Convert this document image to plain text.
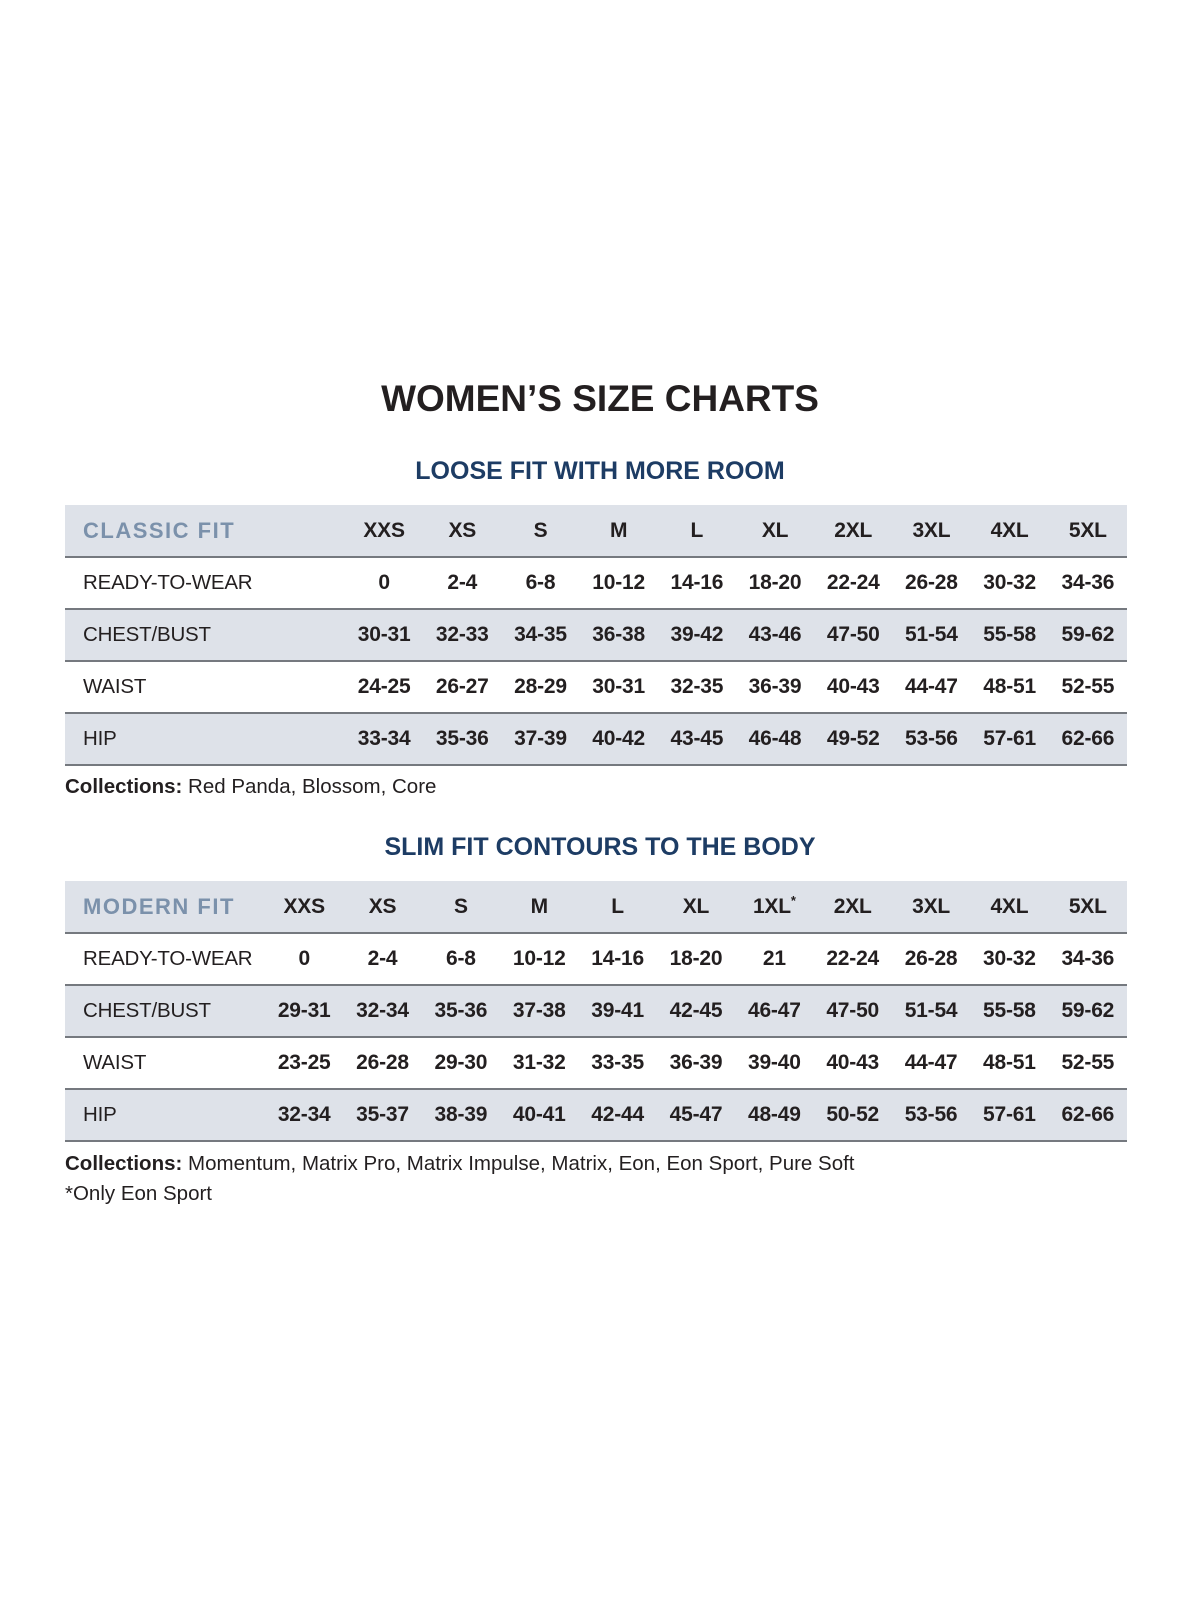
WOMEN’S SIZE CHARTS
LOOSE FIT WITH MORE ROOM
CLASSIC FIT	XXS	XS	S	M	L	XL	2XL	3XL	4XL	5XL
READY-TO-WEAR	0	2-4	6-8	10-12	14-16	18-20	22-24	26-28	30-32	34-36
CHEST/BUST	30-31	32-33	34-35	36-38	39-42	43-46	47-50	51-54	55-58	59-62
WAIST	24-25	26-27	28-29	30-31	32-35	36-39	40-43	44-47	48-51	52-55
HIP	33-34	35-36	37-39	40-42	43-45	46-48	49-52	53-56	57-61	62-66

Collections: Red Panda, Blossom, Core

SLIM FIT CONTOURS TO THE BODY
MODERN FIT	XXS	XS	S	M	L	XL	1XL*	2XL	3XL	4XL	5XL
READY-TO-WEAR	0	2-4	6-8	10-12	14-16	18-20	21	22-24	26-28	30-32	34-36
CHEST/BUST	29-31	32-34	35-36	37-38	39-41	42-45	46-47	47-50	51-54	55-58	59-62
WAIST	23-25	26-28	29-30	31-32	33-35	36-39	39-40	40-43	44-47	48-51	52-55
HIP	32-34	35-37	38-39	40-41	42-44	45-47	48-49	50-52	53-56	57-61	62-66

Collections: Momentum, Matrix Pro, Matrix Impulse, Matrix, Eon, Eon Sport, Pure Soft

*Only Eon Sport
